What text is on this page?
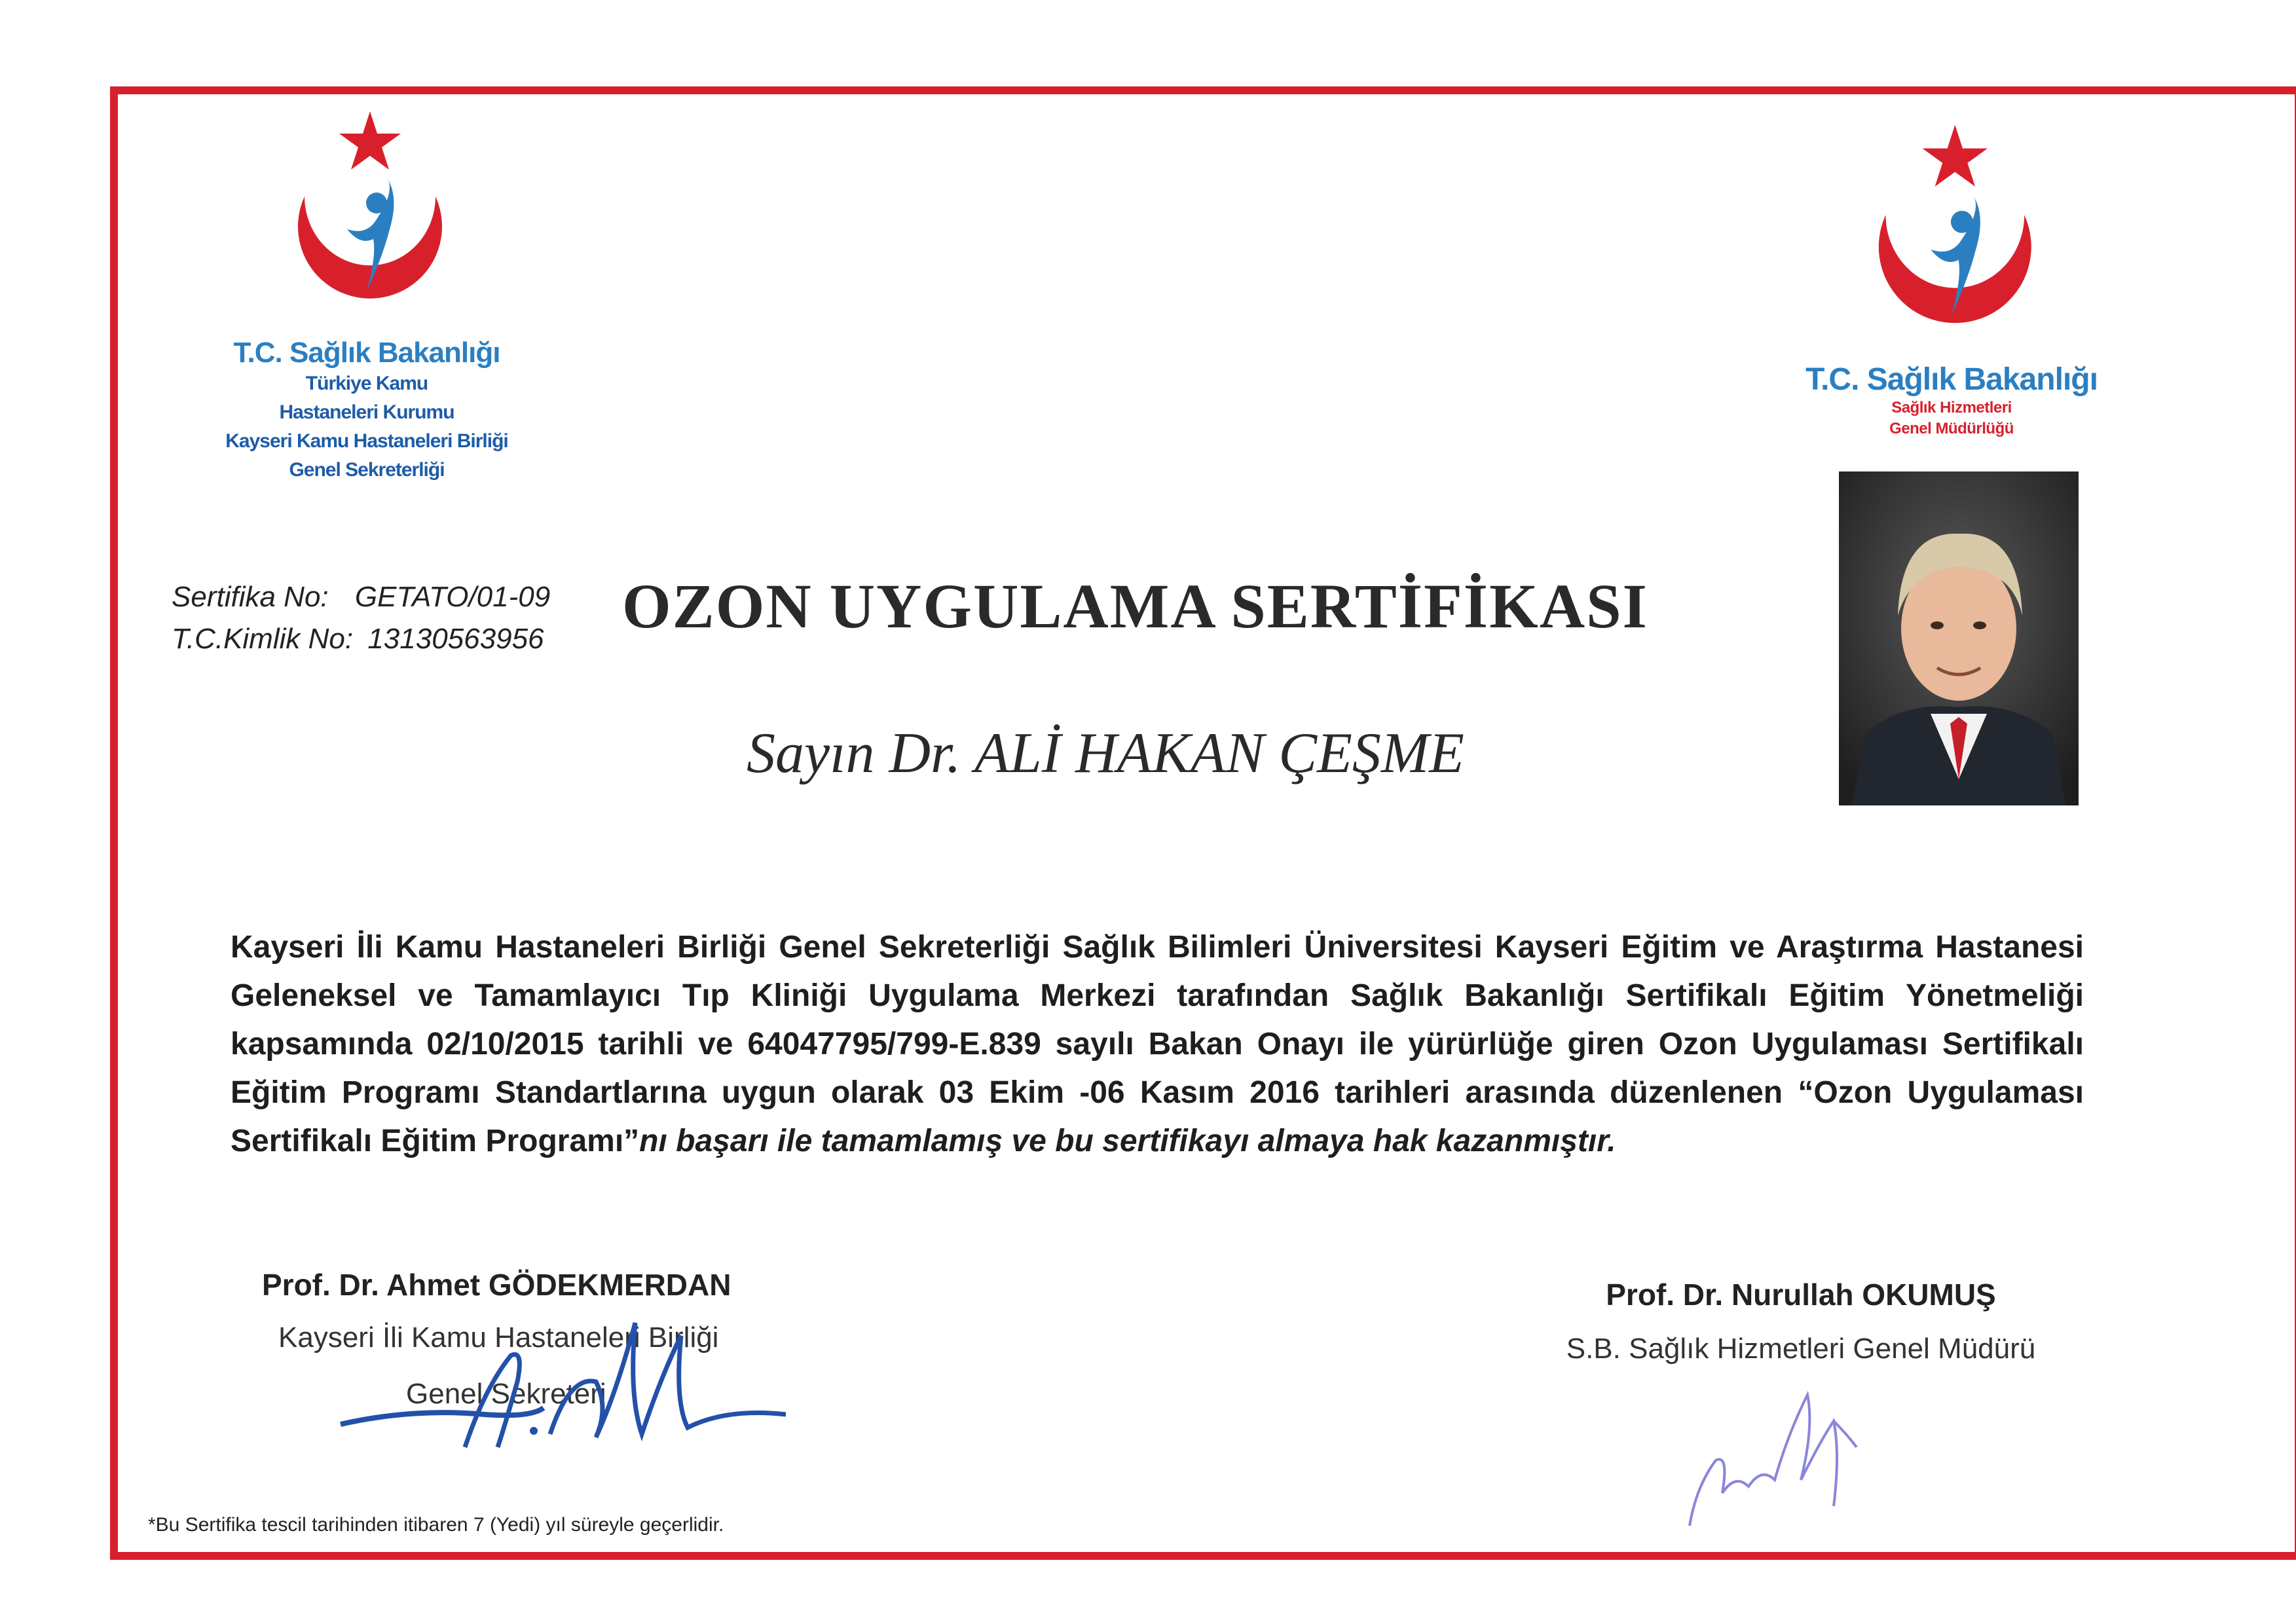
T.C. Sağlık Bakanlığı
Türkiye Kamu
Hastaneleri Kurumu
Kayseri Kamu Hastaneleri Birliği
Genel Sekreterliği
T.C. Sağlık Bakanlığı
Sağlık Hizmetleri
Genel Müdürlüğü
Sertifika No: GETATO/01-09
T.C.Kimlik No: 13130563956 OZON UYGULAMA SERTİFİKASI
Sayın Dr. ALİ HAKAN ÇEŞME
Kayseri İli Kamu Hastaneleri Birliği Genel Sekreterliği Sağlık Bilimleri Üniversitesi Kayseri Eğitim ve Araştırma Hastanesi Geleneksel ve Tamamlayıcı Tıp Kliniği Uygulama Merkezi tarafından Sağlık Bakanlığı Sertifikalı Eğitim Yönetmeliği kapsamında 02/10/2015 tarihli ve 64047795/799-E.839 sayılı Bakan Onayı ile yürürlüğe giren Ozon Uygulaması Sertifikalı Eğitim Programı Standartlarına uygun olarak 03 Ekim -06 Kasım 2016 tarihleri arasında düzenlenen “Ozon Uygulaması Sertifikalı Eğitim Programı”nı başarı ile tamamlamış ve bu sertifikayı almaya hak kazanmıştır.
Prof. Dr. Ahmet GÖDEKMERDAN
Kayseri İli Kamu Hastaneleri Birliği
Genel Sekreteri
Prof. Dr. Nurullah OKUMUŞ
S.B. Sağlık Hizmetleri Genel Müdürü
*Bu Sertifika tescil tarihinden itibaren 7 (Yedi) yıl süreyle geçerlidir.
